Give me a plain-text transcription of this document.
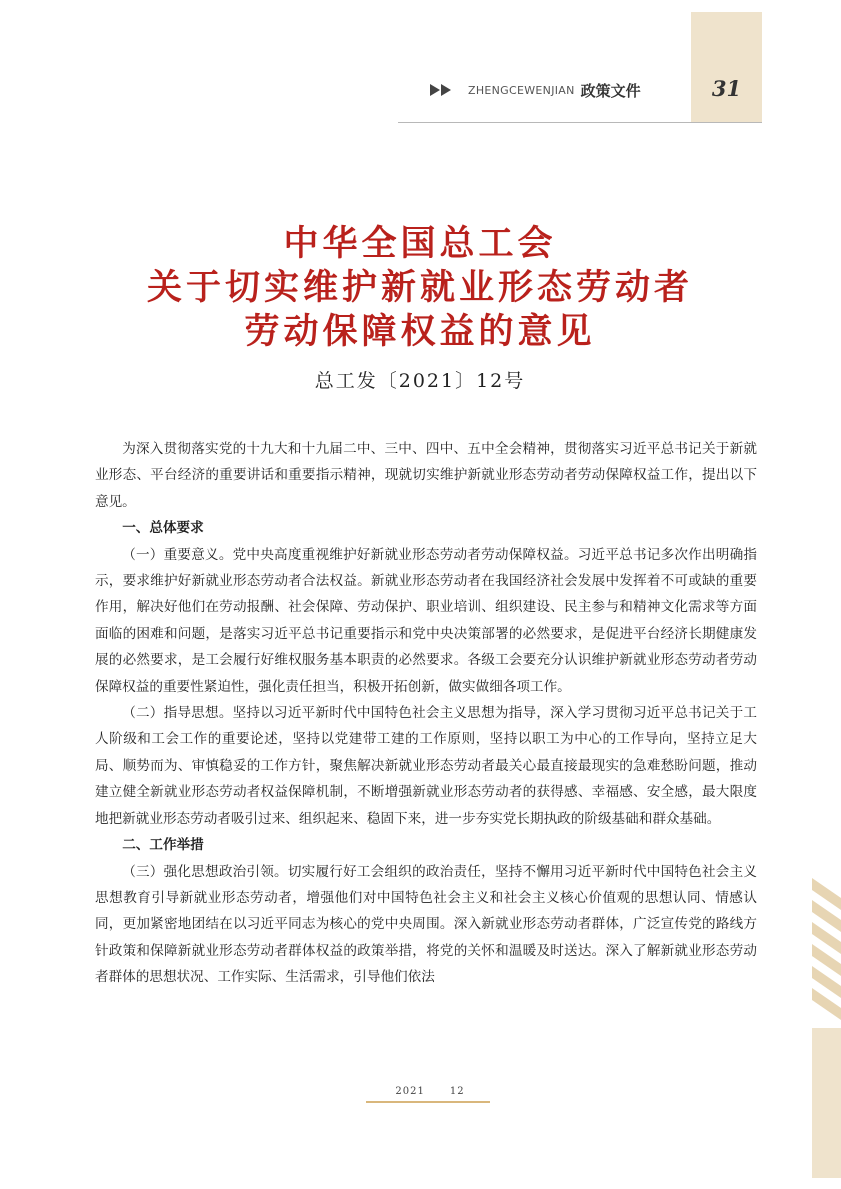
31
ZHENGCEWENJIAN 政策文件
中华全国总工会
关于切实维护新就业形态劳动者
劳动保障权益的意见
总工发〔2021〕12号

为深入贯彻落实党的十九大和十九届二中、三中、四中、五中全会精神，贯彻落实习近平总书记关于新就业形态、平台经济的重要讲话和重要指示精神，现就切实维护新就业形态劳动者劳动保障权益工作，提出以下意见。

一、总体要求

（一）重要意义。党中央高度重视维护好新就业形态劳动者劳动保障权益。习近平总书记多次作出明确指示，要求维护好新就业形态劳动者合法权益。新就业形态劳动者在我国经济社会发展中发挥着不可或缺的重要作用，解决好他们在劳动报酬、社会保障、劳动保护、职业培训、组织建设、民主参与和精神文化需求等方面面临的困难和问题，是落实习近平总书记重要指示和党中央决策部署的必然要求，是促进平台经济长期健康发展的必然要求，是工会履行好维权服务基本职责的必然要求。各级工会要充分认识维护新就业形态劳动者劳动保障权益的重要性紧迫性，强化责任担当，积极开拓创新，做实做细各项工作。

（二）指导思想。坚持以习近平新时代中国特色社会主义思想为指导，深入学习贯彻习近平总书记关于工人阶级和工会工作的重要论述，坚持以党建带工建的工作原则，坚持以职工为中心的工作导向，坚持立足大局、顺势而为、审慎稳妥的工作方针，聚焦解决新就业形态劳动者最关心最直接最现实的急难愁盼问题，推动建立健全新就业形态劳动者权益保障机制，不断增强新就业形态劳动者的获得感、幸福感、安全感，最大限度地把新就业形态劳动者吸引过来、组织起来、稳固下来，进一步夯实党长期执政的阶级基础和群众基础。

二、工作举措

（三）强化思想政治引领。切实履行好工会组织的政治责任，坚持不懈用习近平新时代中国特色社会主义思想教育引导新就业形态劳动者，增强他们对中国特色社会主义和社会主义核心价值观的思想认同、情感认同，更加紧密地团结在以习近平同志为核心的党中央周围。深入新就业形态劳动者群体，广泛宣传党的路线方针政策和保障新就业形态劳动者群体权益的政策举措，将党的关怀和温暖及时送达。深入了解新就业形态劳动者群体的思想状况、工作实际、生活需求，引导他们依法

2021	12
